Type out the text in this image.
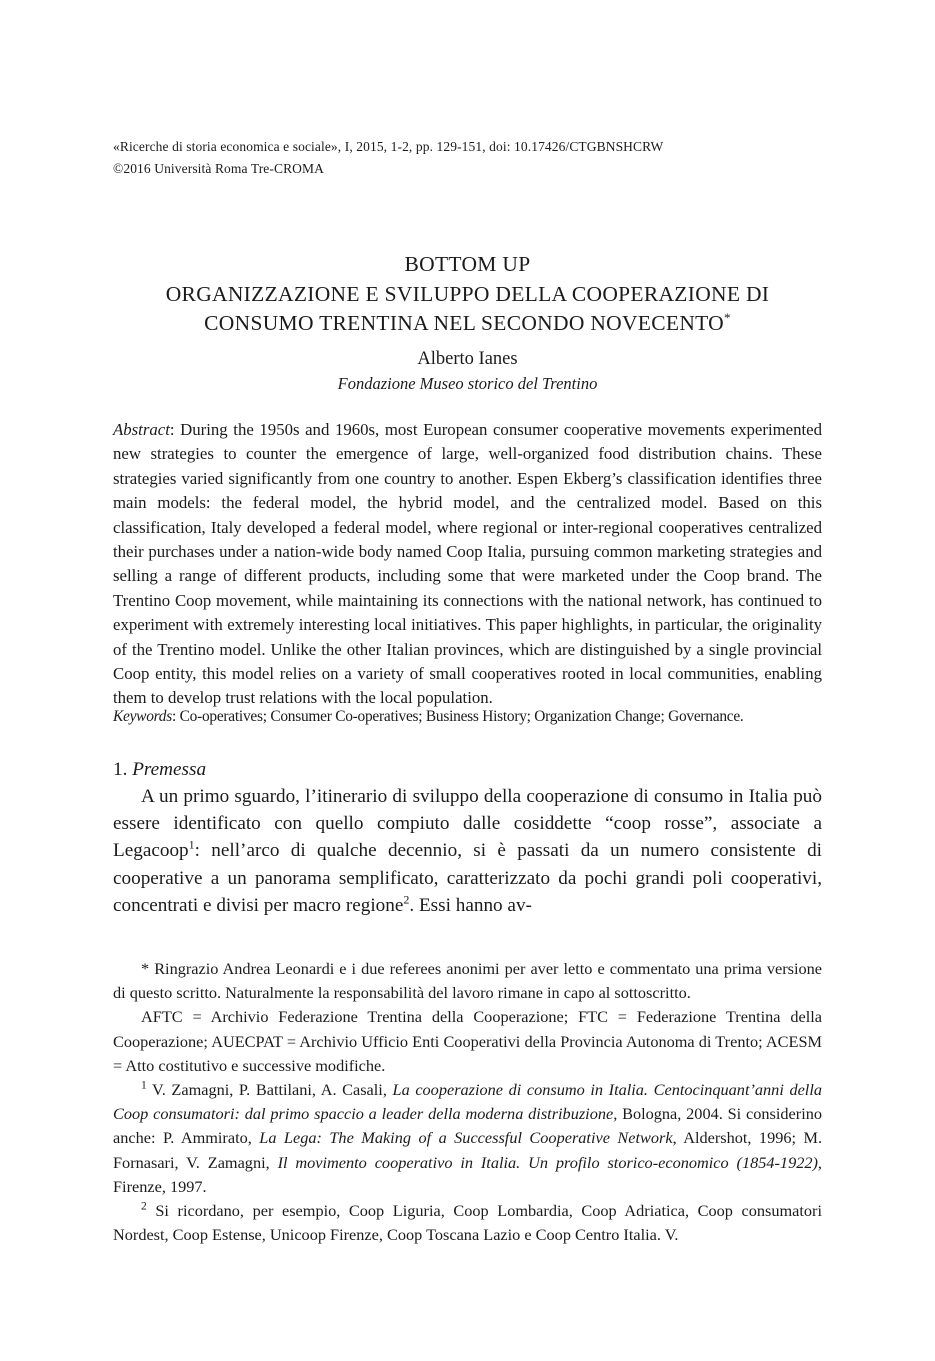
«Ricerche di storia economica e sociale», I, 2015, 1-2, pp. 129-151, doi: 10.17426/CTGBNSHCRW
©2016 Università Roma Tre-CROMA
BOTTOM UP
ORGANIZZAZIONE E SVILUPPO DELLA COOPERAZIONE DI
CONSUMO TRENTINA NEL SECONDO NOVECENTO*
Alberto Ianes
Fondazione Museo storico del Trentino
Abstract: During the 1950s and 1960s, most European consumer cooperative movements experimented new strategies to counter the emergence of large, well-organized food distribution chains. These strategies varied significantly from one country to another. Espen Ekberg’s classification identifies three main models: the federal model, the hybrid model, and the centralized model. Based on this classification, Italy developed a federal model, where regional or inter-regional cooperatives centralized their purchases under a nation-wide body named Coop Italia, pursuing common marketing strategies and selling a range of different products, including some that were marketed under the Coop brand. The Trentino Coop movement, while maintaining its connections with the national network, has continued to experiment with extremely interesting local initiatives. This paper highlights, in particular, the originality of the Trentino model. Unlike the other Italian provinces, which are distinguished by a single provincial Coop entity, this model relies on a variety of small cooperatives rooted in local communities, enabling them to develop trust relations with the local population.
Keywords: Co-operatives; Consumer Co-operatives; Business History; Organization Change; Governance.
1. Premessa

A un primo sguardo, l’itinerario di sviluppo della cooperazione di consumo in Italia può essere identificato con quello compiuto dalle cosiddette “coop rosse”, associate a Legacoop$^1$: nell’arco di qualche decennio, si è passati da un numero consistente di cooperative a un panorama semplificato, caratterizzato da pochi grandi poli cooperativi, concentrati e divisi per macro regione$^2$. Essi hanno av-

* Ringrazio Andrea Leonardi e i due referees anonimi per aver letto e commentato una prima versione di questo scritto. Naturalmente la responsabilità del lavoro rimane in capo al sottoscritto.

AFTC = Archivio Federazione Trentina della Cooperazione; FTC = Federazione Trentina della Cooperazione; AUECPAT = Archivio Ufficio Enti Cooperativi della Provincia Autonoma di Trento; ACESM = Atto costitutivo e successive modifiche.

$^1$ V. Zamagni, P. Battilani, A. Casali, La cooperazione di consumo in Italia. Centocinquant’anni della Coop consumatori: dal primo spaccio a leader della moderna distribuzione, Bologna, 2004. Si considerino anche: P. Ammirato, La Lega: The Making of a Successful Cooperative Network, Aldershot, 1996; M. Fornasari, V. Zamagni, Il movimento cooperativo in Italia. Un profilo storico-economico (1854-1922), Firenze, 1997.

$^2$ Si ricordano, per esempio, Coop Liguria, Coop Lombardia, Coop Adriatica, Coop consumatori Nordest, Coop Estense, Unicoop Firenze, Coop Toscana Lazio e Coop Centro Italia. V.
